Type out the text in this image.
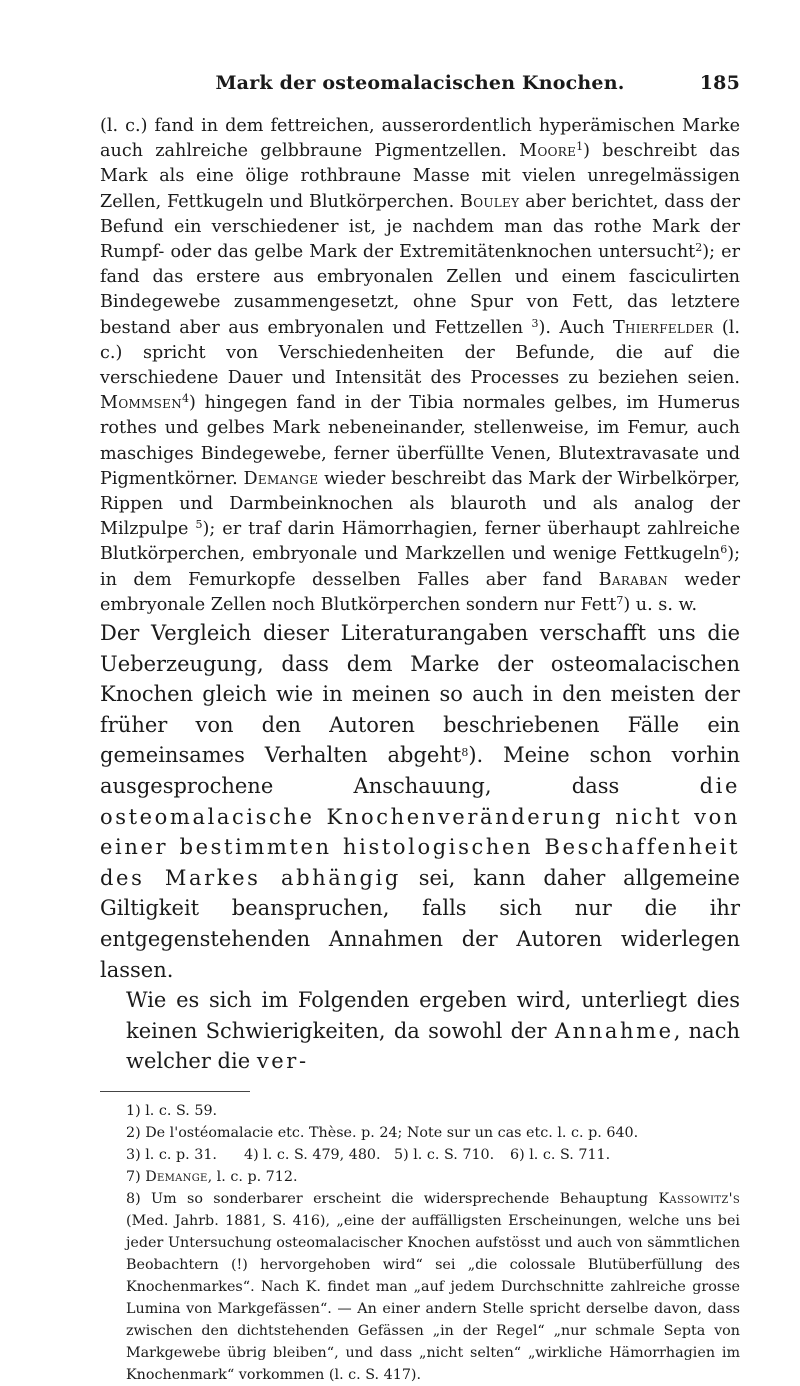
Mark der osteomalacischen Knochen.	185

(l. c.) fand in dem fettreichen, ausserordentlich hyperämischen Marke auch zahlreiche gelbbraune Pigmentzellen. Moore$^1$) beschreibt das Mark als eine ölige rothbraune Masse mit vielen unregelmässigen Zellen, Fettkugeln und Blutkörperchen. Bouley aber berichtet, dass der Befund ein verschiedener ist, je nachdem man das rothe Mark der Rumpf- oder das gelbe Mark der Extremitätenknochen untersucht$^2$); er fand das erstere aus embryonalen Zellen und einem fasciculirten Bindegewebe zusammengesetzt, ohne Spur von Fett, das letztere bestand aber aus embryonalen und Fettzellen $^3$). Auch Thierfelder (l. c.) spricht von Verschiedenheiten der Befunde, die auf die verschiedene Dauer und Intensität des Processes zu beziehen seien. Mommsen$^4$) hingegen fand in der Tibia normales gelbes, im Humerus rothes und gelbes Mark nebeneinander, stellenweise, im Femur, auch maschiges Bindegewebe, ferner überfüllte Venen, Blutextravasate und Pigmentkörner. Demange wieder beschreibt das Mark der Wirbelkörper, Rippen und Darmbeinknochen als blauroth und als analog der Milzpulpe $^5$); er traf darin Hämorrhagien, ferner überhaupt zahlreiche Blutkörperchen, embryonale und Markzellen und wenige Fettkugeln$^6$); in dem Femurkopfe desselben Falles aber fand Baraban weder embryonale Zellen noch Blutkörperchen sondern nur Fett$^7$) u. s. w.

Der Vergleich dieser Literaturangaben verschafft uns die Ueberzeugung, dass dem Marke der osteomalacischen Knochen gleich wie in meinen so auch in den meisten der früher von den Autoren beschriebenen Fälle ein gemeinsames Verhalten abgeht$^8$). Meine schon vorhin ausgesprochene Anschauung, dass die osteomalacische Knochenveränderung nicht von einer bestimmten histologischen Beschaffenheit des Markes abhängig sei, kann daher allgemeine Giltigkeit beanspruchen, falls sich nur die ihr entgegenstehenden Annahmen der Autoren widerlegen lassen.

Wie es sich im Folgenden ergeben wird, unterliegt dies keinen Schwierigkeiten, da sowohl der Annahme, nach welcher die ver-

1) l. c. S. 59.

2) De l'ostéomalacie etc. Thèse. p. 24; Note sur un cas etc. l. c. p. 640.

3) l. c. p. 31. 4) l. c. S. 479, 480. 5) l. c. S. 710. 6) l. c. S. 711.

7) Demange, l. c. p. 712.

8) Um so sonderbarer erscheint die widersprechende Behauptung Kassowitz's (Med. Jahrb. 1881, S. 416), „eine der auffälligsten Erscheinungen, welche uns bei jeder Untersuchung osteomalacischer Knochen aufstösst und auch von sämmtlichen Beobachtern (!) hervorgehoben wird“ sei „die colossale Blutüberfüllung des Knochenmarkes“. Nach K. findet man „auf jedem Durchschnitte zahlreiche grosse Lumina von Markgefässen“. — An einer andern Stelle spricht derselbe davon, dass zwischen den dichtstehenden Gefässen „in der Regel“ „nur schmale Septa von Markgewebe übrig bleiben“, und dass „nicht selten“ „wirkliche Hämorrhagien im Knochenmark“ vorkommen (l. c. S. 417).
